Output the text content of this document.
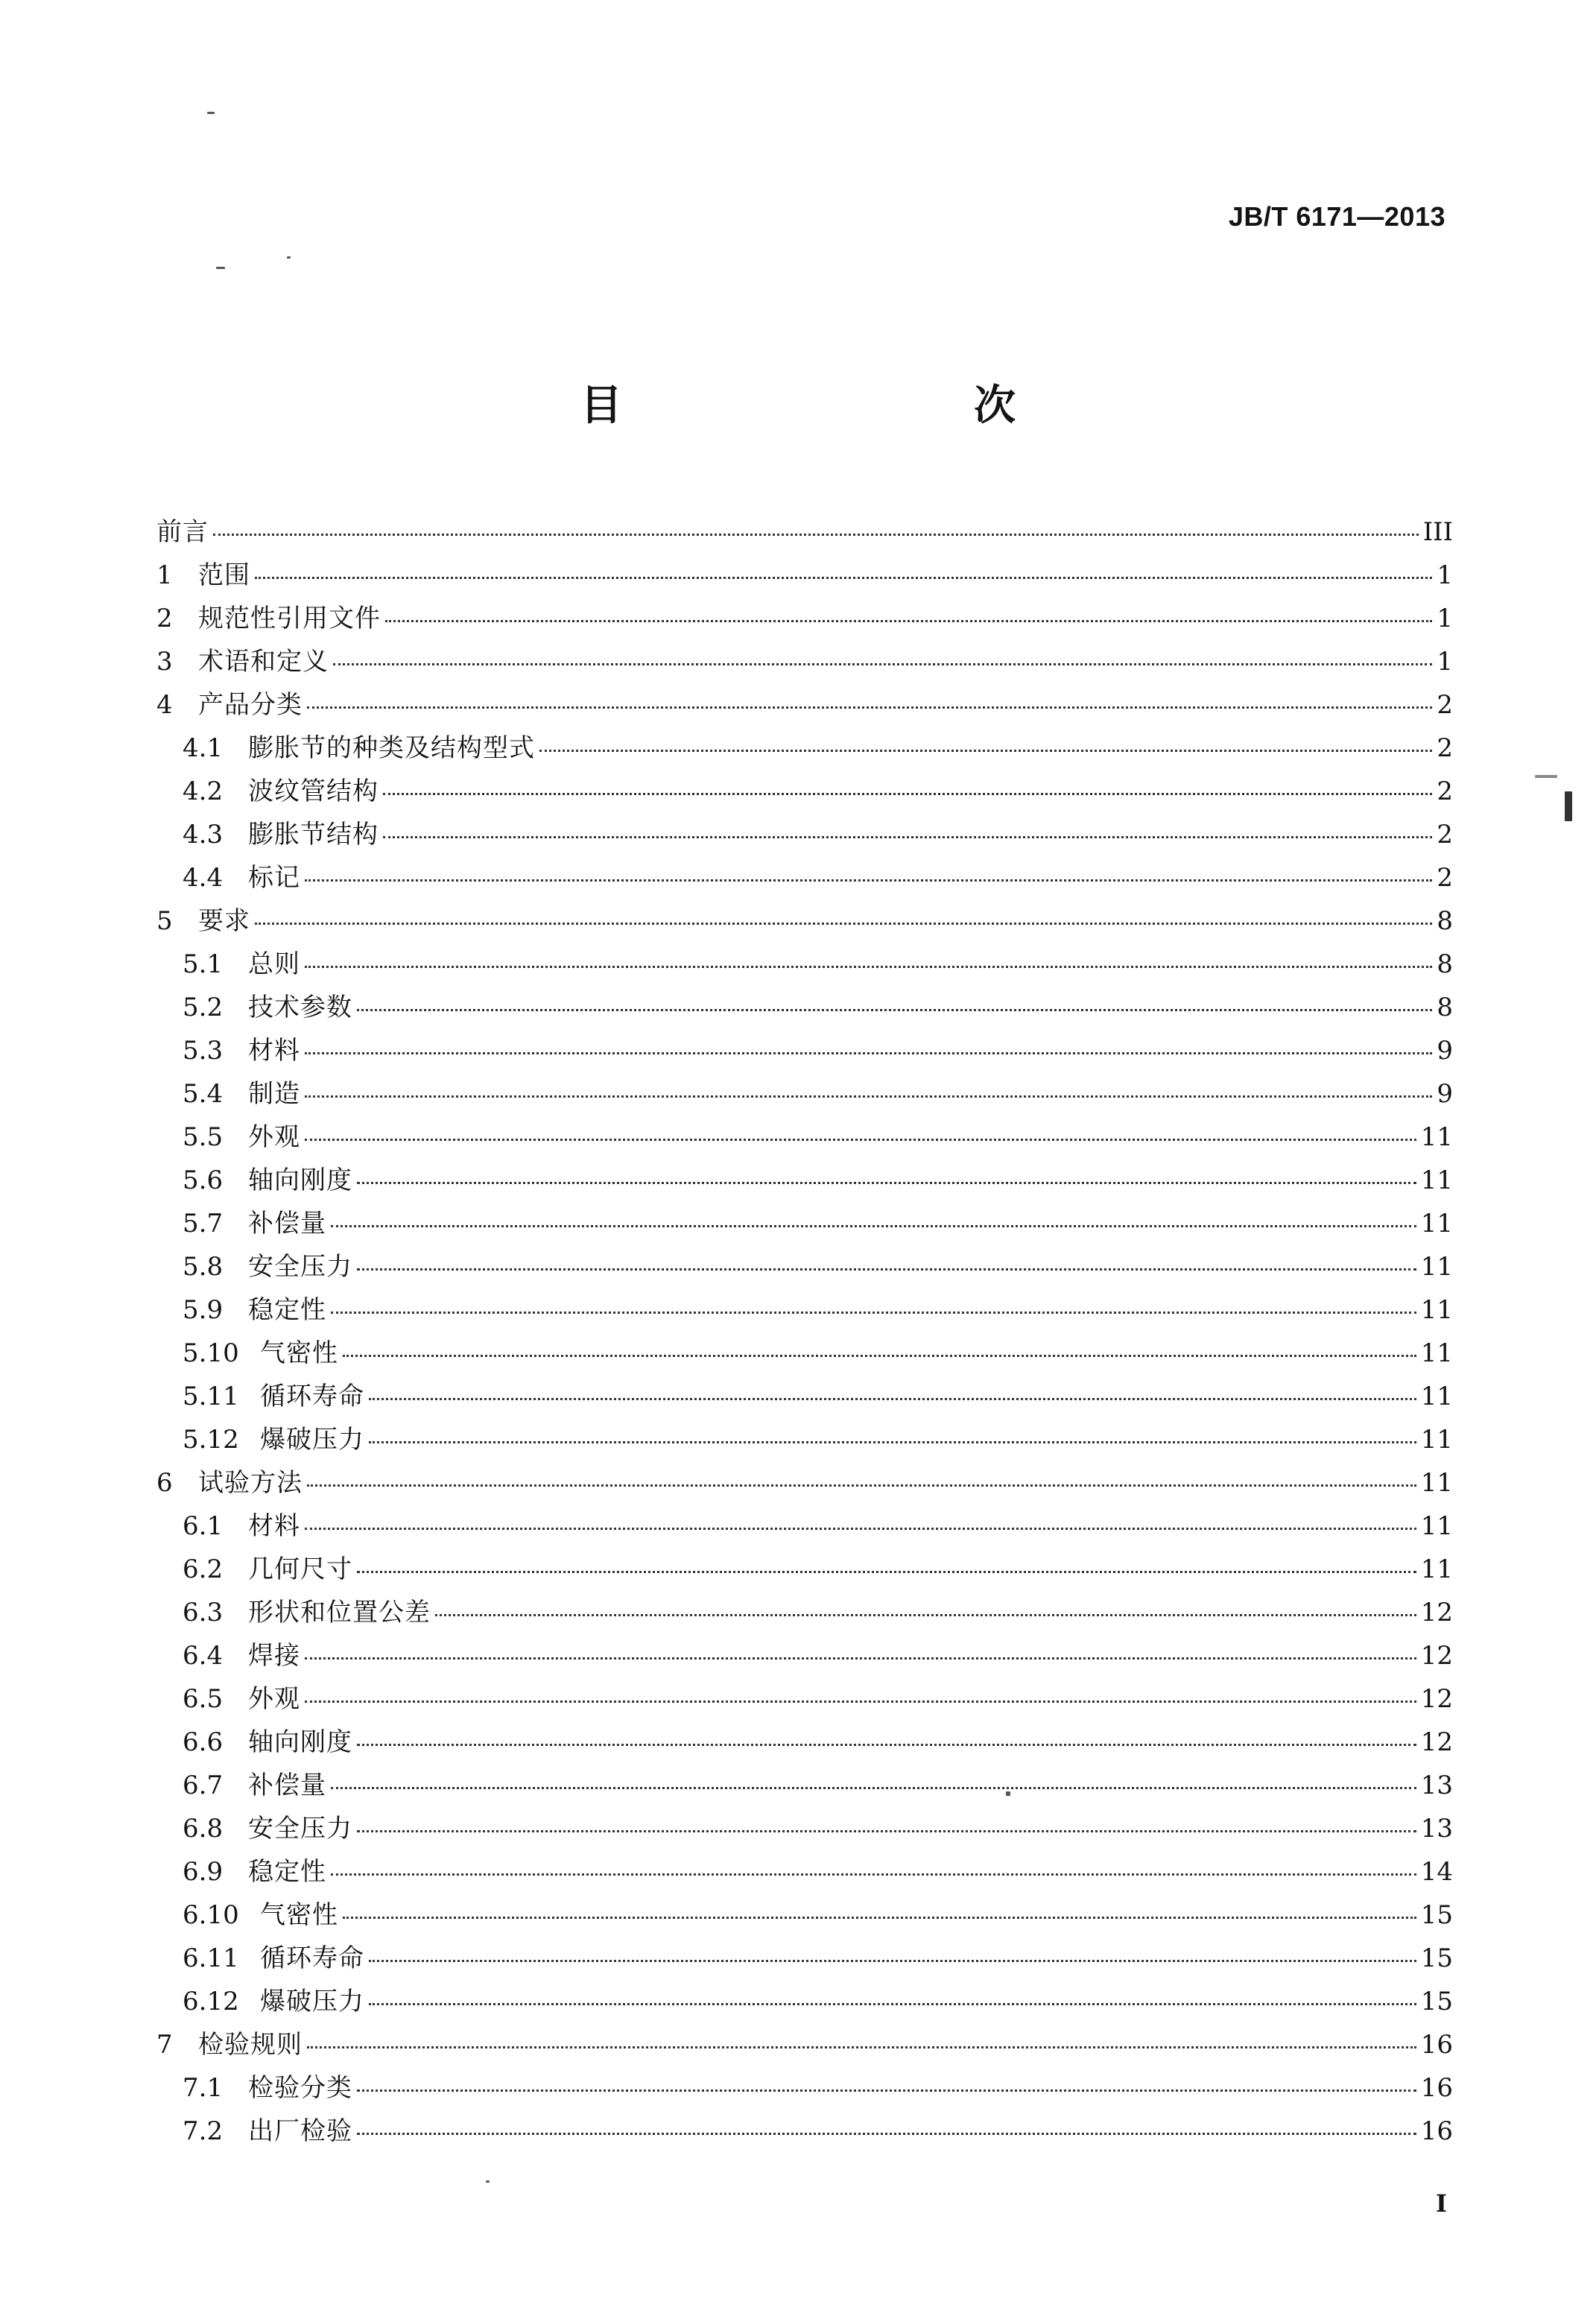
JB/T 6171—2013
目　　次
前言	III
1	范围	1
2	规范性引用文件	1
3	术语和定义	1
4	产品分类	2
4.1 膨胀节的种类及结构型式	2
4.2 波纹管结构	2
4.3 膨胀节结构	2
4.4 标记	2
5	要求	8
5.1 总则	8
5.2 技术参数	8
5.3 材料	9
5.4 制造	9
5.5 外观	11
5.6 轴向刚度	11
5.7 补偿量	11
5.8 安全压力	11
5.9 稳定性	11
5.10 气密性	11
5.11 循环寿命	11
5.12 爆破压力	11
6	试验方法	11
6.1 材料	11
6.2 几何尺寸	11
6.3 形状和位置公差	12
6.4 焊接	12
6.5 外观	12
6.6 轴向刚度	12
6.7 补偿量	13
6.8 安全压力	13
6.9 稳定性	14
6.10 气密性	15
6.11 循环寿命	15
6.12 爆破压力	15
7	检验规则	16
7.1 检验分类	16
7.2 出厂检验	16
I
